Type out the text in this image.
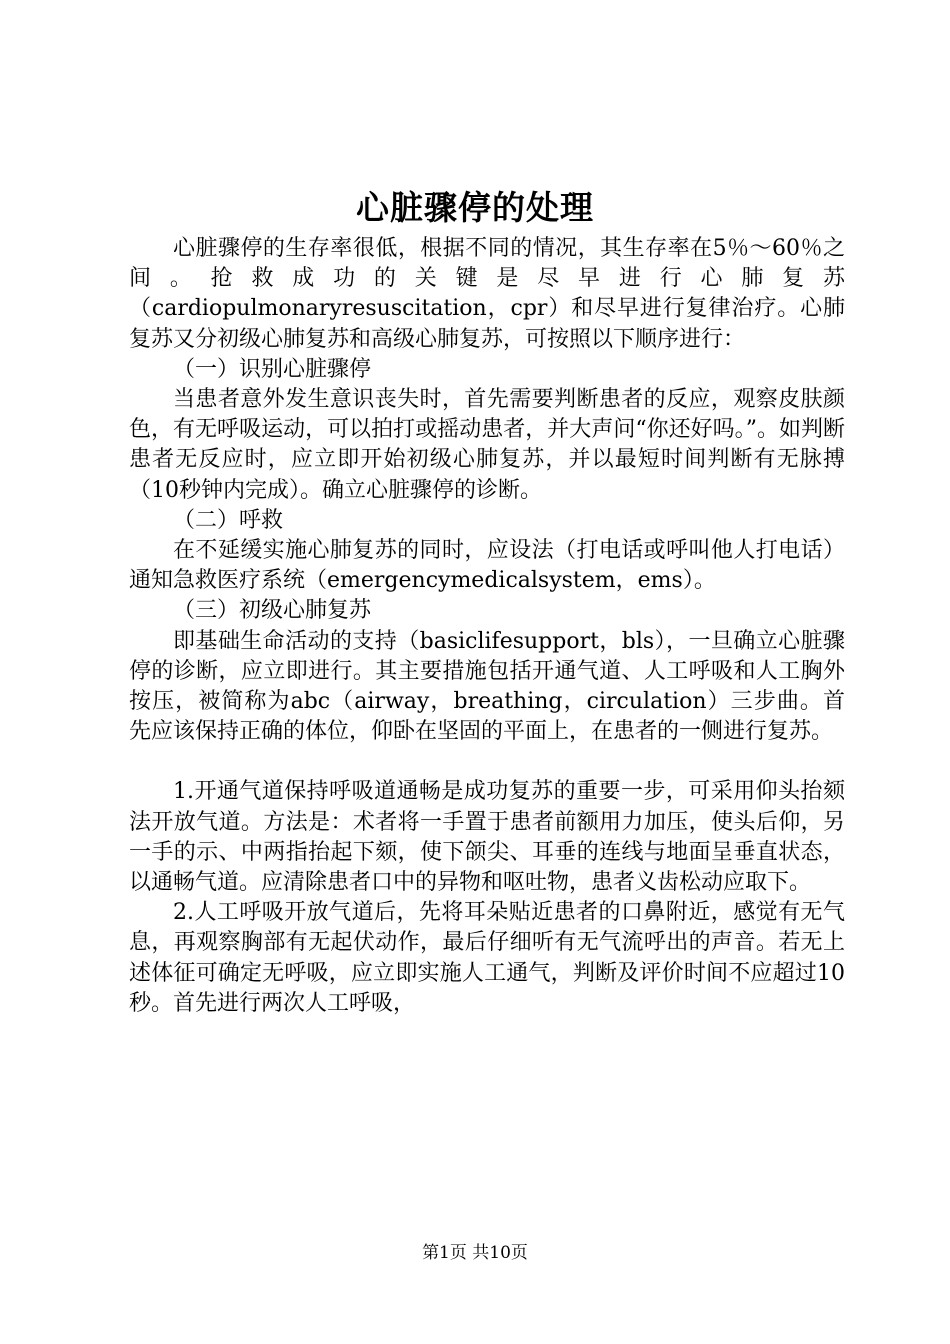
心脏骤停的处理

心脏骤停的生存率很低，根据不同的情况，其生存率在5％～60％之间。抢救成功的关键是尽早进行心肺复苏（cardiopulmonaryresuscitation，cpr）和尽早进行复律治疗。心肺复苏又分初级心肺复苏和高级心肺复苏，可按照以下顺序进行：

（一）识别心脏骤停

当患者意外发生意识丧失时，首先需要判断患者的反应，观察皮肤颜色，有无呼吸运动，可以拍打或摇动患者，并大声问“你还好吗。”。如判断患者无反应时，应立即开始初级心肺复苏，并以最短时间判断有无脉搏（10秒钟内完成）。确立心脏骤停的诊断。

（二）呼救

在不延缓实施心肺复苏的同时，应设法（打电话或呼叫他人打电话）通知急救医疗系统（emergencymedicalsystem，ems）。

（三）初级心肺复苏

即基础生命活动的支持（basiclifesupport，bls），一旦确立心脏骤停的诊断，应立即进行。其主要措施包括开通气道、人工呼吸和人工胸外按压，被简称为abc（airway，breathing，circulation）三步曲。首先应该保持正确的体位，仰卧在坚固的平面上，在患者的一侧进行复苏。

1.开通气道保持呼吸道通畅是成功复苏的重要一步，可采用仰头抬颏法开放气道。方法是：术者将一手置于患者前额用力加压，使头后仰，另一手的示、中两指抬起下颏，使下颌尖、耳垂的连线与地面呈垂直状态，以通畅气道。应清除患者口中的异物和呕吐物，患者义齿松动应取下。

2.人工呼吸开放气道后，先将耳朵贴近患者的口鼻附近，感觉有无气息，再观察胸部有无起伏动作，最后仔细听有无气流呼出的声音。若无上述体征可确定无呼吸，应立即实施人工通气，判断及评价时间不应超过10秒。首先进行两次人工呼吸，

第1页 共10页
